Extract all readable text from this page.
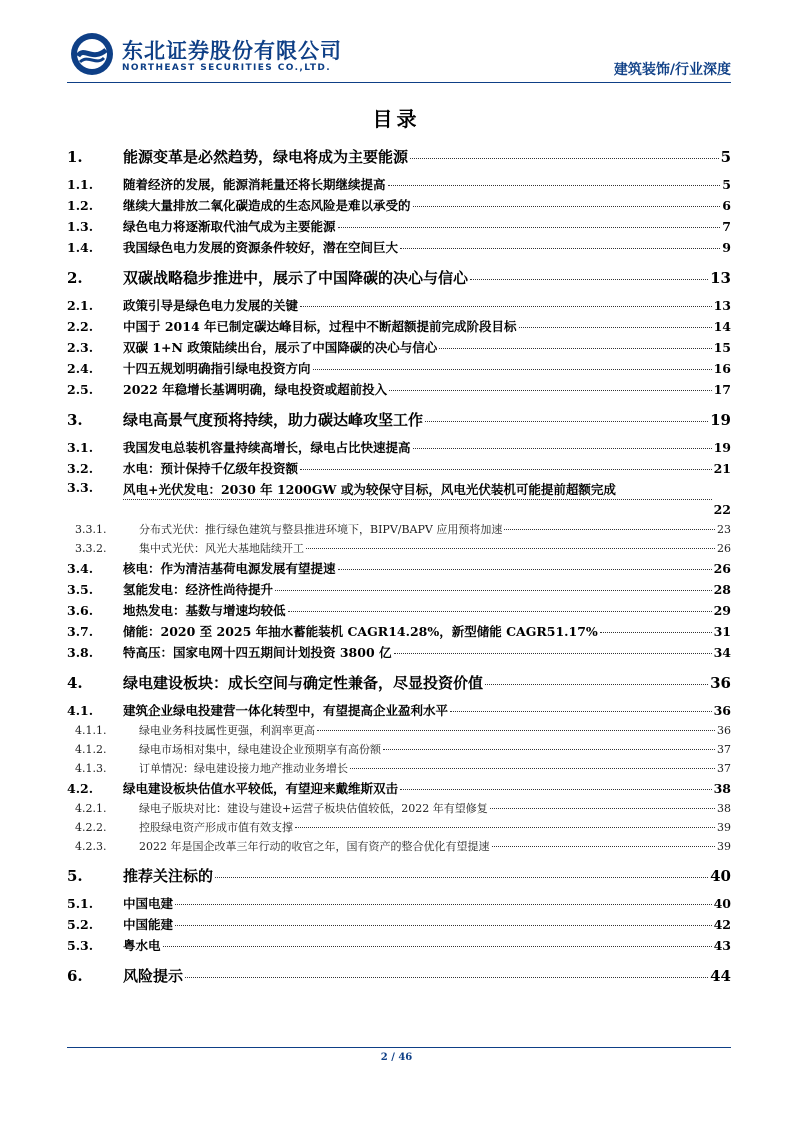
东北证券股份有限公司
NORTHEAST SECURITIES CO.,LTD.	建筑装饰/行业深度
目录
1.	能源变革是必然趋势，绿电将成为主要能源	5
1.1.	随着经济的发展，能源消耗量还将长期继续提高	5
1.2.	继续大量排放二氧化碳造成的生态风险是难以承受的	6
1.3.	绿色电力将逐渐取代油气成为主要能源	7
1.4.	我国绿色电力发展的资源条件较好，潜在空间巨大	9
2.	双碳战略稳步推进中，展示了中国降碳的决心与信心	13
2.1.	政策引导是绿色电力发展的关键	13
2.2.	中国于 2014 年已制定碳达峰目标，过程中不断超额提前完成阶段目标	14
2.3.	双碳 1+N 政策陆续出台，展示了中国降碳的决心与信心	15
2.4.	十四五规划明确指引绿电投资方向	16
2.5.	2022 年稳增长基调明确，绿电投资或超前投入	17
3.	绿电高景气度预将持续，助力碳达峰攻坚工作	19
3.1.	我国发电总装机容量持续高增长，绿电占比快速提高	19
3.2.	水电：预计保持千亿级年投资额	21
3.3.	风电+光伏发电：2030 年 1200GW 或为较保守目标，风电光伏装机可能提前超额完成
22
3.3.1.	分布式光伏：推行绿色建筑与整县推进环境下，BIPV/BAPV 应用预将加速	23
3.3.2.	集中式光伏：风光大基地陆续开工	26
3.4.	核电：作为清洁基荷电源发展有望提速	26
3.5.	氢能发电：经济性尚待提升	28
3.6.	地热发电：基数与增速均较低	29
3.7.	储能：2020 至 2025 年抽水蓄能装机 CAGR14.28%，新型储能 CAGR51.17%	31
3.8.	特高压：国家电网十四五期间计划投资 3800 亿	34
4.	绿电建设板块：成长空间与确定性兼备，尽显投资价值	36
4.1.	建筑企业绿电投建营一体化转型中，有望提高企业盈利水平	36
4.1.1.	绿电业务科技属性更强，利润率更高	36
4.1.2.	绿电市场相对集中，绿电建设企业预期享有高份额	37
4.1.3.	订单情况：绿电建设接力地产推动业务增长	37
4.2.	绿电建设板块估值水平较低，有望迎来戴维斯双击	38
4.2.1.	绿电子版块对比：建设与建设+运营子板块估值较低，2022 年有望修复	38
4.2.2.	控股绿电资产形成市值有效支撑	39
4.2.3.	2022 年是国企改革三年行动的收官之年，国有资产的整合优化有望提速	39
5.	推荐关注标的	40
5.1.	中国电建	40
5.2.	中国能建	42
5.3.	粤水电	43
6.	风险提示	44
2 / 46
